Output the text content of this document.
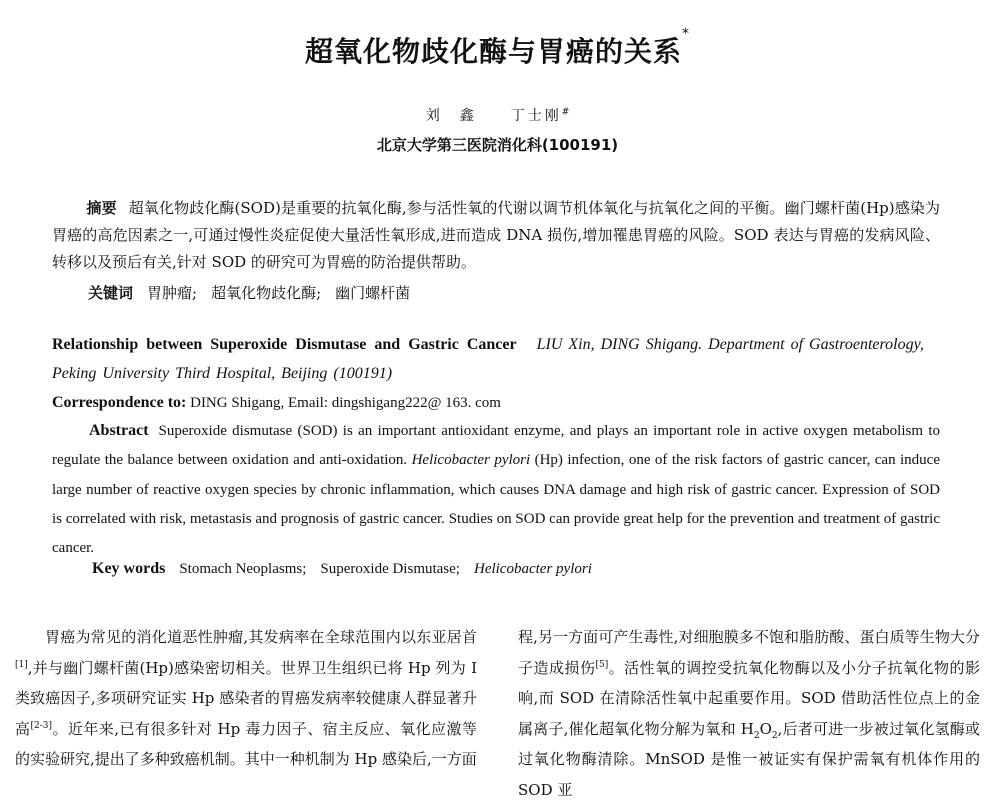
超氧化物歧化酶与胃癌的关系*
刘　鑫　　 丁士刚#
北京大学第三医院消化科(100191)
摘要 超氧化物歧化酶(SOD)是重要的抗氧化酶,参与活性氧的代谢以调节机体氧化与抗氧化之间的平衡。幽门螺杆菌(Hp)感染为胃癌的高危因素之一,可通过慢性炎症促使大量活性氧形成,进而造成 DNA 损伤,增加罹患胃癌的风险。SOD 表达与胃癌的发病风险、转移以及预后有关,针对 SOD 的研究可为胃癌的防治提供帮助。
关键词 胃肿瘤; 超氧化物歧化酶; 幽门螺杆菌
Relationship between Superoxide Dismutase and Gastric Cancer LIU Xin, DING Shigang. Department of Gastroenterology, Peking University Third Hospital, Beijing (100191)
Correspondence to: DING Shigang, Email: dingshigang222@ 163. com
Abstract Superoxide dismutase (SOD) is an important antioxidant enzyme, and plays an important role in active oxygen metabolism to regulate the balance between oxidation and anti-oxidation. Helicobacter pylori (Hp) infection, one of the risk factors of gastric cancer, can induce large number of reactive oxygen species by chronic inflammation, which causes DNA damage and high risk of gastric cancer. Expression of SOD is correlated with risk, metastasis and prognosis of gastric cancer. Studies on SOD can provide great help for the prevention and treatment of gastric cancer.
Key words Stomach Neoplasms; Superoxide Dismutase; Helicobacter pylori
胃癌为常见的消化道恶性肿瘤,其发病率在全球范围内以东亚居首[1],并与幽门螺杆菌(Hp)感染密切相关。世界卫生组织已将 Hp 列为 I 类致癌因子,多项研究证实 Hp 感染者的胃癌发病率较健康人群显著升高[2-3]。近年来,已有很多针对 Hp 毒力因子、宿主反应、氧化应激等的实验研究,提出了多种致癌机制。其中一种机制为 Hp 感染后,一方面
程,另一方面可产生毒性,对细胞膜多不饱和脂肪酸、蛋白质等生物大分子造成损伤[5]。活性氧的调控受抗氧化物酶以及小分子抗氧化物的影响,而 SOD 在清除活性氧中起重要作用。SOD 借助活性位点上的金属离子,催化超氧化物分解为氧和 $H_2O_2$,后者可进一步被过氧化氢酶或过氧化物酶清除。MnSOD 是惟一被证实有保护需氧有机体作用的 SOD 亚
